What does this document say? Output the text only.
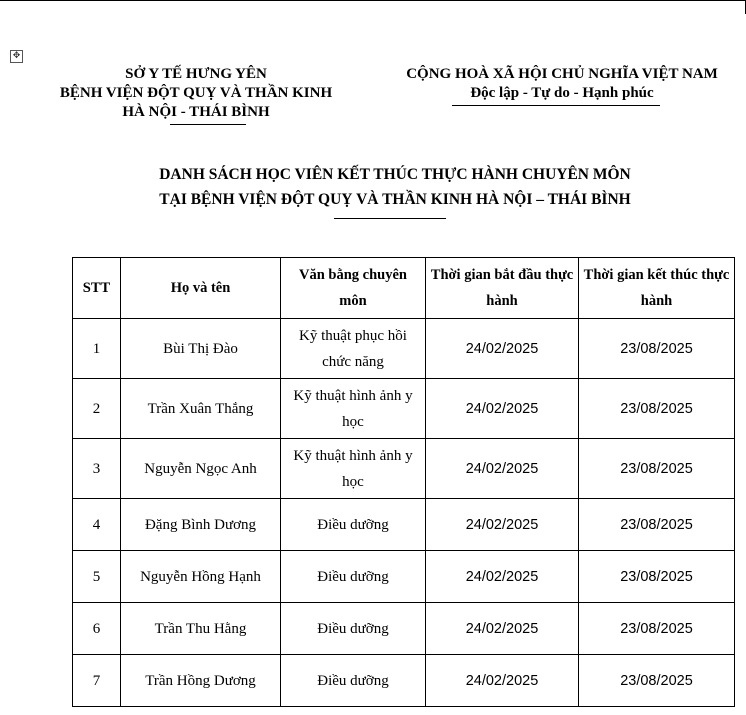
✥
SỞ Y TẾ HƯNG YÊN
BỆNH VIỆN ĐỘT QUỴ VÀ THẦN KINH
HÀ NỘI - THÁI BÌNH
CỘNG HOÀ XÃ HỘI CHỦ NGHĨA VIỆT NAM
Độc lập - Tự do - Hạnh phúc
DANH SÁCH HỌC VIÊN KẾT THÚC THỰC HÀNH CHUYÊN MÔN
TẠI BỆNH VIỆN ĐỘT QUỴ VÀ THẦN KINH HÀ NỘI – THÁI BÌNH
STT	Họ và tên	Văn bằng chuyên môn	Thời gian bắt đầu thực hành	Thời gian kết thúc thực hành
1	Bùi Thị Đào	Kỹ thuật phục hồi chức năng	24/02/2025	23/08/2025
2	Trần Xuân Thắng	Kỹ thuật hình ảnh y học	24/02/2025	23/08/2025
3	Nguyễn Ngọc Anh	Kỹ thuật hình ảnh y học	24/02/2025	23/08/2025
4	Đặng Bình Dương	Điều dưỡng	24/02/2025	23/08/2025
5	Nguyễn Hồng Hạnh	Điều dưỡng	24/02/2025	23/08/2025
6	Trần Thu Hằng	Điều dưỡng	24/02/2025	23/08/2025
7	Trần Hồng Dương	Điều dưỡng	24/02/2025	23/08/2025
